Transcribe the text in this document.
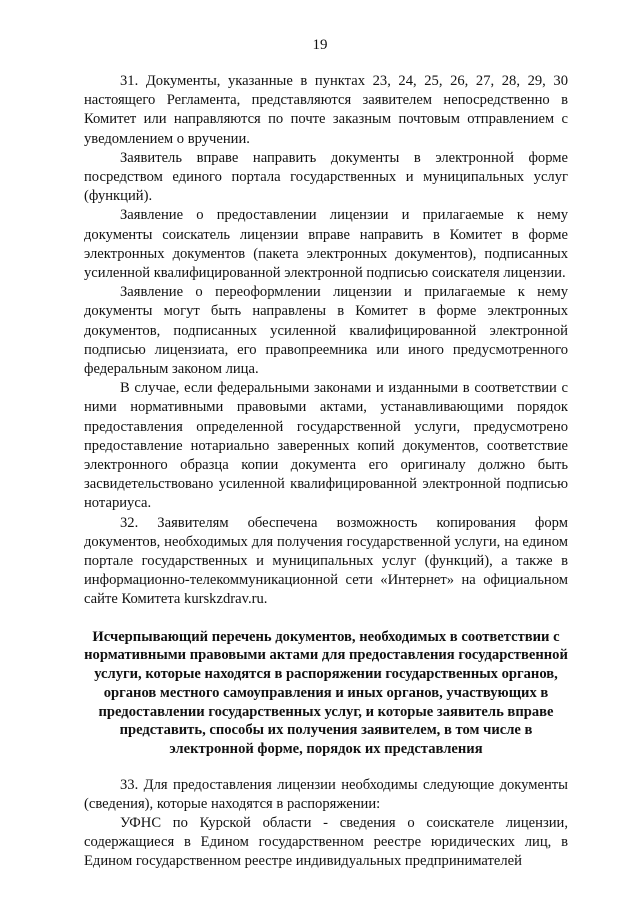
19

31. Документы, указанные в пунктах 23, 24, 25, 26, 27, 28, 29, 30 настоящего Регламента, представляются заявителем непосредственно в Комитет или направляются по почте заказным почтовым отправлением с уведомлением о вручении.

Заявитель вправе направить документы в электронной форме посредством единого портала государственных и муниципальных услуг (функций).

Заявление о предоставлении лицензии и прилагаемые к нему документы соискатель лицензии вправе направить в Комитет в форме электронных документов (пакета электронных документов), подписанных усиленной квалифицированной электронной подписью соискателя лицензии.

Заявление о переоформлении лицензии и прилагаемые к нему документы могут быть направлены в Комитет в форме электронных документов, подписанных усиленной квалифицированной электронной подписью лицензиата, его правопреемника или иного предусмотренного федеральным законом лица.

В случае, если федеральными законами и изданными в соответствии с ними нормативными правовыми актами, устанавливающими порядок предоставления определенной государственной услуги, предусмотрено предоставление нотариально заверенных копий документов, соответствие электронного образца копии документа его оригиналу должно быть засвидетельствовано усиленной квалифицированной электронной подписью нотариуса.

32. Заявителям обеспечена возможность копирования форм документов, необходимых для получения государственной услуги, на едином портале государственных и муниципальных услуг (функций), а также в информационно-телекоммуникационной сети «Интернет» на официальном сайте Комитета kurskzdrav.ru.

Исчерпывающий перечень документов, необходимых в соответствии с нормативными правовыми актами для предоставления государственной услуги, которые находятся в распоряжении государственных органов, органов местного самоуправления и иных органов, участвующих в предоставлении государственных услуг, и которые заявитель вправе представить, способы их получения заявителем, в том числе в электронной форме, порядок их представления

33. Для предоставления лицензии необходимы следующие документы (сведения), которые находятся в распоряжении:

УФНС по Курской области - сведения о соискателе лицензии, содержащиеся в Едином государственном реестре юридических лиц, в Едином государственном реестре индивидуальных предпринимателей
